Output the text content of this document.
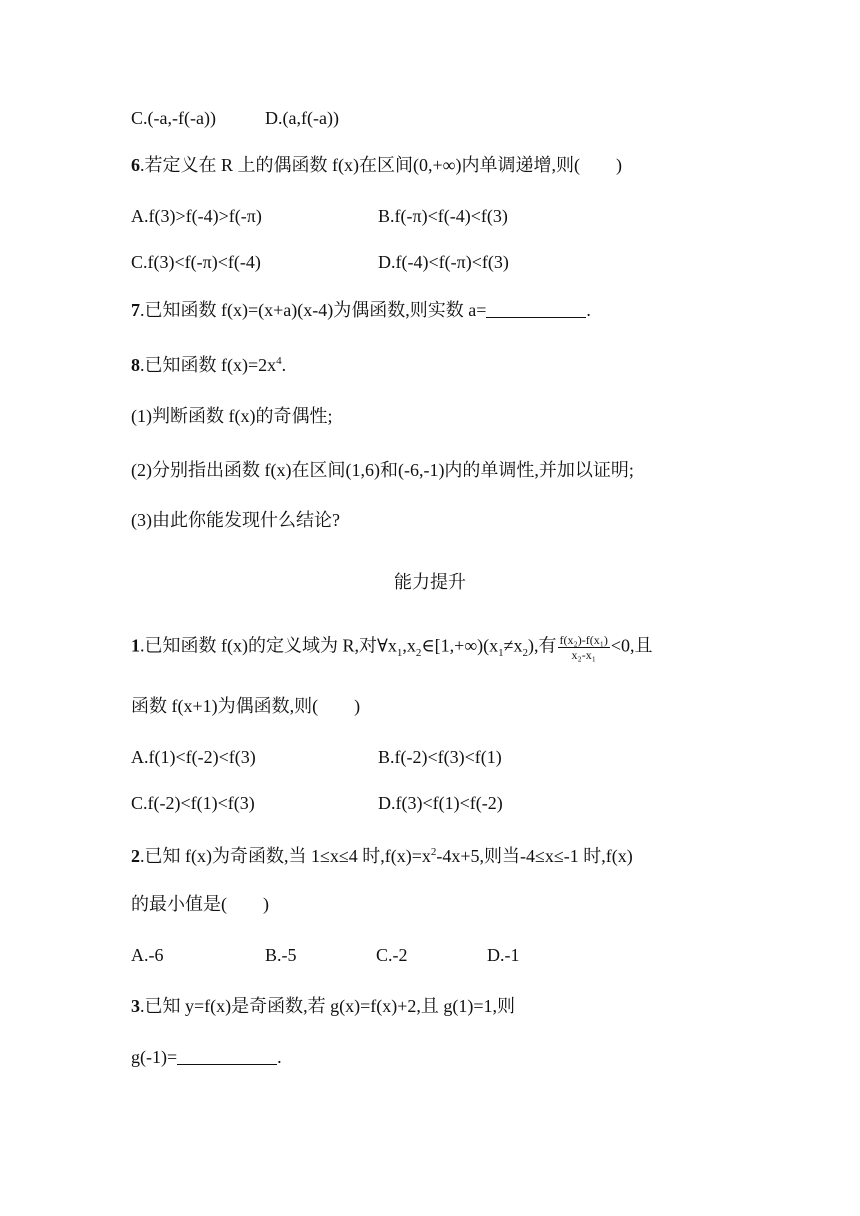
C.(-a,-f(-a))	D.(a,f(-a))
6.若定义在 R 上的偶函数 f(x)在区间(0,+∞)内单调递增,则(　　)
A.f(3)>f(-4)>f(-π)	B.f(-π)<f(-4)<f(3)
C.f(3)<f(-π)<f(-4)	D.f(-4)<f(-π)<f(3)
7.已知函数 f(x)=(x+a)(x-4)为偶函数,则实数 a=	.
8.已知函数 $f(x)=2x^4$.
(1)判断函数 f(x)的奇偶性;
(2)分别指出函数 f(x)在区间(1,6)和(-6,-1)内的单调性,并加以证明;
(3)由此你能发现什么结论?
能力提升
1.已知函数 f(x)的定义域为 R,对$\forall x_1,x_2\in[1,+\infty)(x_1\ne x_2)$,有 $\frac{\text{f(x₂)-f(x₁)}}{\text{x₂-x₁}} <0$,且
函数 f(x+1)为偶函数,则(　　)
A.f(1)<f(-2)<f(3)	B.f(-2)<f(3)<f(1)
C.f(-2)<f(1)<f(3)	D.f(3)<f(1)<f(-2)
2.已知 f(x)为奇函数,当 1≤x≤4 时$,f(x)=x^2-4x+5$,则当-4≤x≤-1 时,f(x)
的最小值是(　　)
A.-6	B.-5	C.-2	D.-1
3.已知 y=f(x)是奇函数,若 g(x)=f(x)+2,且 g(1)=1,则
g(-1)=	.
